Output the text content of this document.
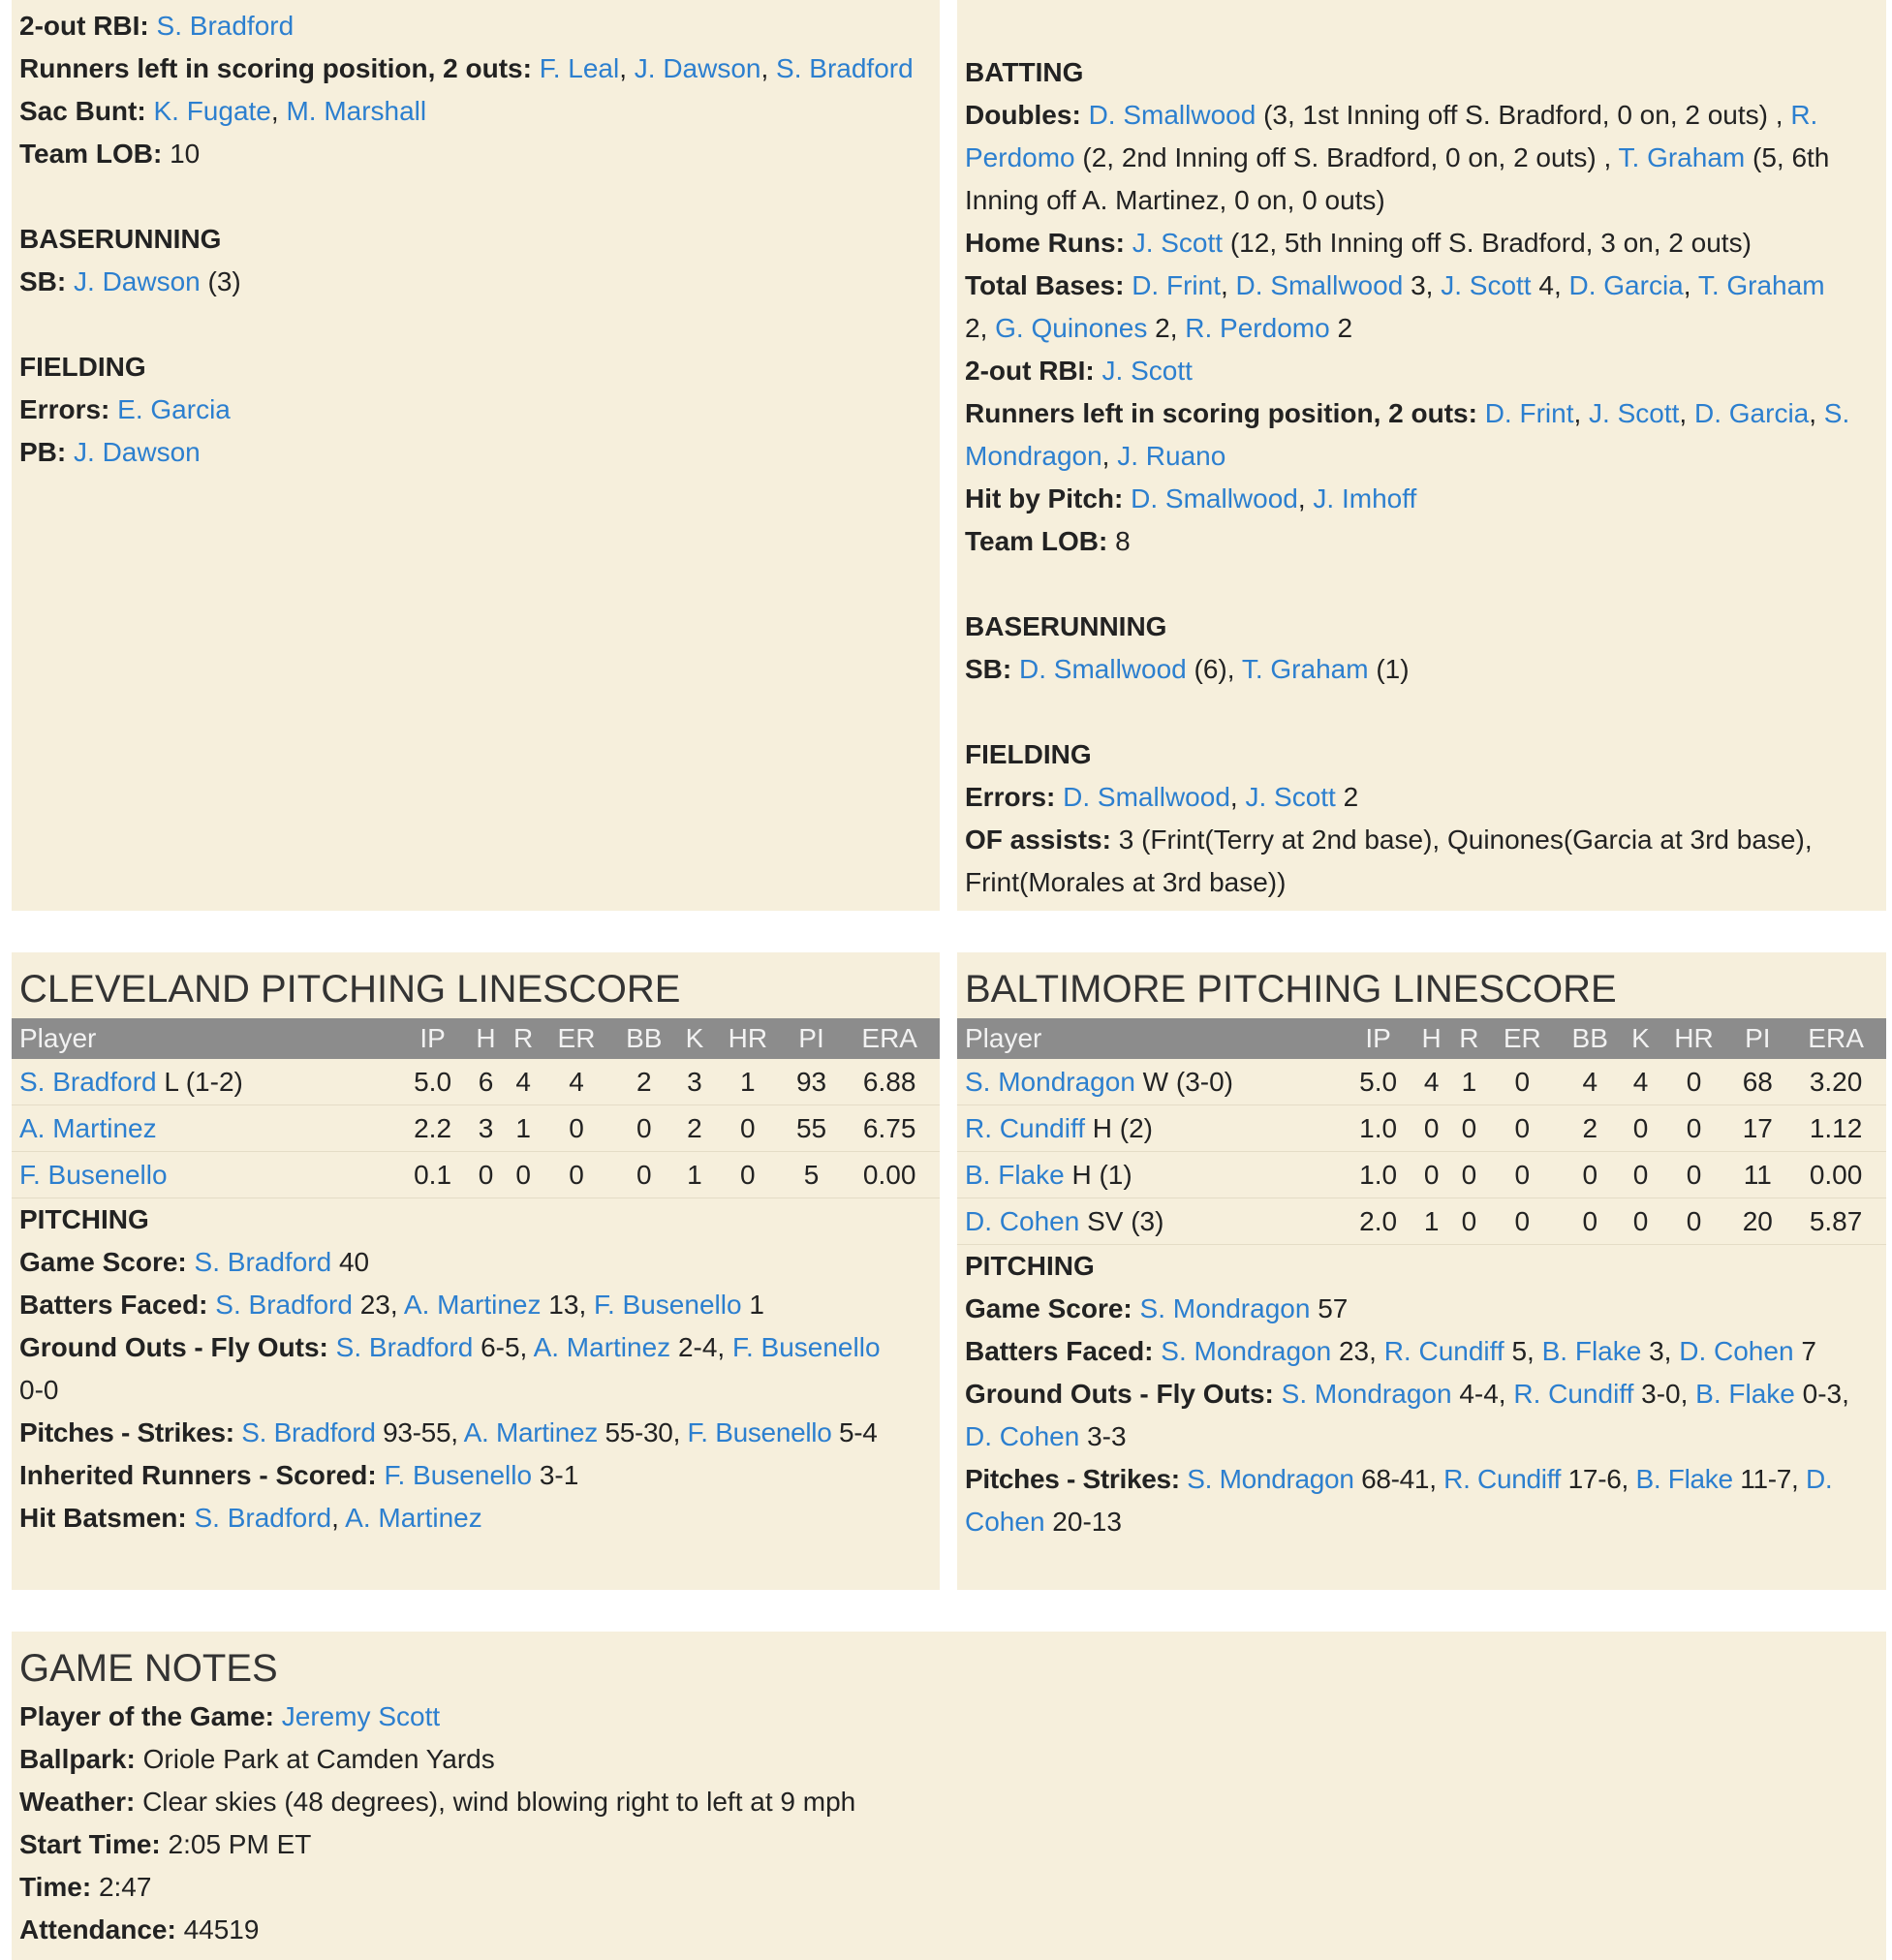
2-out RBI: S. Bradford
Runners left in scoring position, 2 outs: F. Leal, J. Dawson, S. Bradford
Sac Bunt: K. Fugate, M. Marshall
Team LOB: 10
BASERUNNING
SB: J. Dawson (3)
FIELDING
Errors: E. Garcia
PB: J. Dawson
BATTING
Doubles: D. Smallwood (3, 1st Inning off S. Bradford, 0 on, 2 outs) , R.
Perdomo (2, 2nd Inning off S. Bradford, 0 on, 2 outs) , T. Graham (5, 6th
Inning off A. Martinez, 0 on, 0 outs)
Home Runs: J. Scott (12, 5th Inning off S. Bradford, 3 on, 2 outs)
Total Bases: D. Frint, D. Smallwood 3, J. Scott 4, D. Garcia, T. Graham
2, G. Quinones 2, R. Perdomo 2
2-out RBI: J. Scott
Runners left in scoring position, 2 outs: D. Frint, J. Scott, D. Garcia, S.
Mondragon, J. Ruano
Hit by Pitch: D. Smallwood, J. Imhoff
Team LOB: 8
BASERUNNING
SB: D. Smallwood (6), T. Graham (1)
FIELDING
Errors: D. Smallwood, J. Scott 2
OF assists: 3 (Frint(Terry at 2nd base), Quinones(Garcia at 3rd base),
Frint(Morales at 3rd base))
CLEVELAND PITCHING LINESCORE
Player	IP	H	R	ER	BB	K	HR	PI	ERA
S. Bradford L (1-2)	5.0	6	4	4	2	3	1	93	6.88
A. Martinez	2.2	3	1	0	0	2	0	55	6.75
F. Busenello	0.1	0	0	0	0	1	0	5	0.00
PITCHING
Game Score: S. Bradford 40
Batters Faced: S. Bradford 23, A. Martinez 13, F. Busenello 1
Ground Outs - Fly Outs: S. Bradford 6-5, A. Martinez 2-4, F. Busenello
0-0
Pitches - Strikes: S. Bradford 93-55, A. Martinez 55-30, F. Busenello 5-4
Inherited Runners - Scored: F. Busenello 3-1
Hit Batsmen: S. Bradford, A. Martinez
BALTIMORE PITCHING LINESCORE
Player	IP	H	R	ER	BB	K	HR	PI	ERA
S. Mondragon W (3-0)	5.0	4	1	0	4	4	0	68	3.20
R. Cundiff H (2)	1.0	0	0	0	2	0	0	17	1.12
B. Flake H (1)	1.0	0	0	0	0	0	0	11	0.00
D. Cohen SV (3)	2.0	1	0	0	0	0	0	20	5.87
PITCHING
Game Score: S. Mondragon 57
Batters Faced: S. Mondragon 23, R. Cundiff 5, B. Flake 3, D. Cohen 7
Ground Outs - Fly Outs: S. Mondragon 4-4, R. Cundiff 3-0, B. Flake 0-3,
D. Cohen 3-3
Pitches - Strikes: S. Mondragon 68-41, R. Cundiff 17-6, B. Flake 11-7, D.
Cohen 20-13
GAME NOTES
Player of the Game: Jeremy Scott
Ballpark: Oriole Park at Camden Yards
Weather: Clear skies (48 degrees), wind blowing right to left at 9 mph
Start Time: 2:05 PM ET
Time: 2:47
Attendance: 44519
